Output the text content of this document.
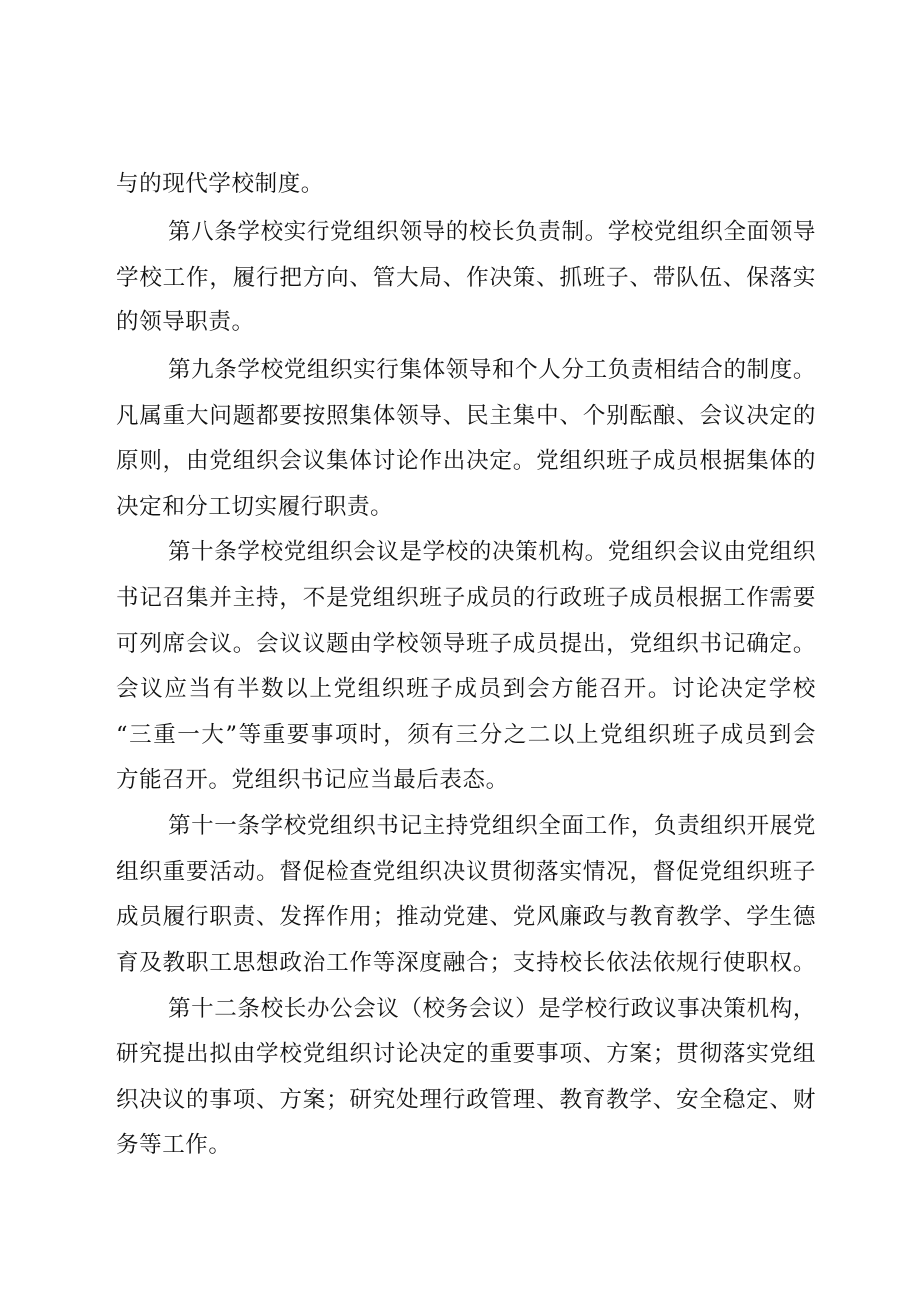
与的现代学校制度。
第八条学校实行党组织领导的校长负责制。学校党组织全面领导
学校工作，履行把方向、管大局、作决策、抓班子、带队伍、保落实
的领导职责。
第九条学校党组织实行集体领导和个人分工负责相结合的制度。
凡属重大问题都要按照集体领导、民主集中、个别酝酿、会议决定的
原则，由党组织会议集体讨论作出决定。党组织班子成员根据集体的
决定和分工切实履行职责。
第十条学校党组织会议是学校的决策机构。党组织会议由党组织
书记召集并主持，不是党组织班子成员的行政班子成员根据工作需要
可列席会议。会议议题由学校领导班子成员提出，党组织书记确定。
会议应当有半数以上党组织班子成员到会方能召开。讨论决定学校
“三重一大”等重要事项时，须有三分之二以上党组织班子成员到会
方能召开。党组织书记应当最后表态。
第十一条学校党组织书记主持党组织全面工作，负责组织开展党
组织重要活动。督促检查党组织决议贯彻落实情况，督促党组织班子
成员履行职责、发挥作用；推动党建、党风廉政与教育教学、学生德
育及教职工思想政治工作等深度融合；支持校长依法依规行使职权。
第十二条校长办公会议（校务会议）是学校行政议事决策机构，
研究提出拟由学校党组织讨论决定的重要事项、方案；贯彻落实党组
织决议的事项、方案；研究处理行政管理、教育教学、安全稳定、财
务等工作。
